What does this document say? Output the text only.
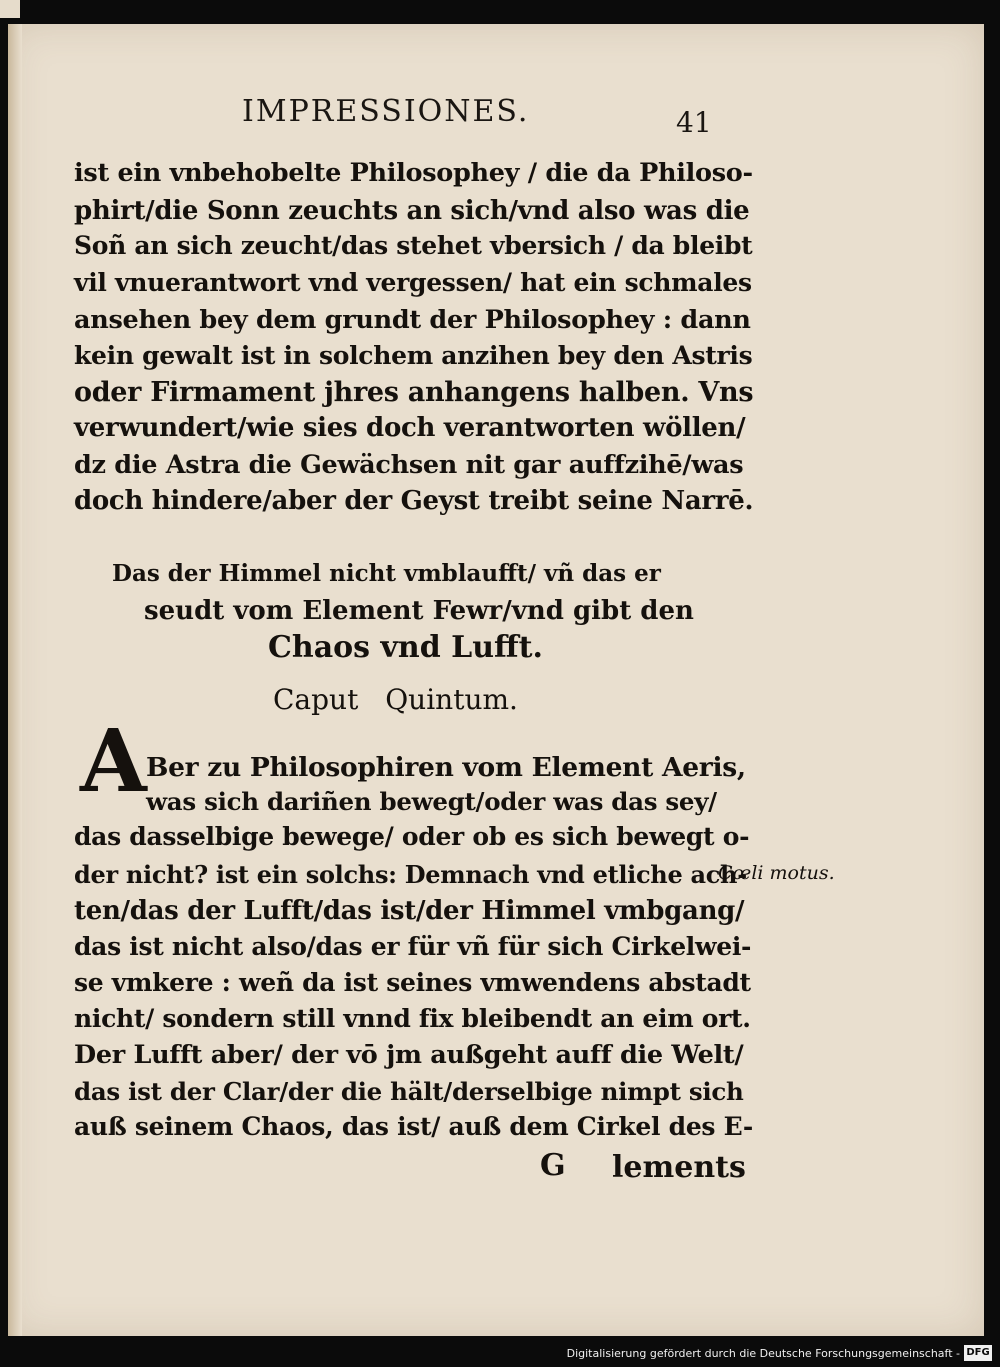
IMPRESSIONES.	41
ist ein vnbehobelte Philosophey / die da Philoso-
phirt/die Sonn zeuchts an sich/vnd also was die
Soñ an sich zeucht/das stehet vbersich / da bleibt
vil vnuerantwort vnd vergessen/ hat ein schmales
ansehen bey dem grundt der Philosophey : dann
kein gewalt ist in solchem anzihen bey den Astris
oder Firmament jhres anhangens halben. Vns
verwundert/wie sies doch verantworten wöllen/
dz die Astra die Gewächsen nit gar auffzihē/was
doch hindere/aber der Geyst treibt seine Narrē.
Das der Himmel nicht vmblaufft/ vñ das er
seudt vom Element Fewr/vnd gibt den
Chaos vnd Lufft.
Caput Quintum.
A Ber zu Philosophiren vom Element Aeris,
was sich dariñen bewegt/oder was das sey/
das dasselbige bewege/ oder ob es sich bewegt o-
der nicht? ist ein solchs: Demnach vnd etliche ach-
ten/das der Lufft/das ist/der Himmel vmbgang/
das ist nicht also/das er für vñ für sich Cirkelwei-
se vmkere : weñ da ist seines vmwendens abstadt
nicht/ sondern still vnnd fix bleibendt an eim ort.
Der Lufft aber/ der vō jm außgeht auff die Welt/
das ist der Clar/der die hält/derselbige nimpt sich
auß seinem Chaos, das ist/ auß dem Cirkel des E-
Cœli motus.
G lements
Digitalisierung gefördert durch die Deutsche Forschungsgemeinschaft - DFG
